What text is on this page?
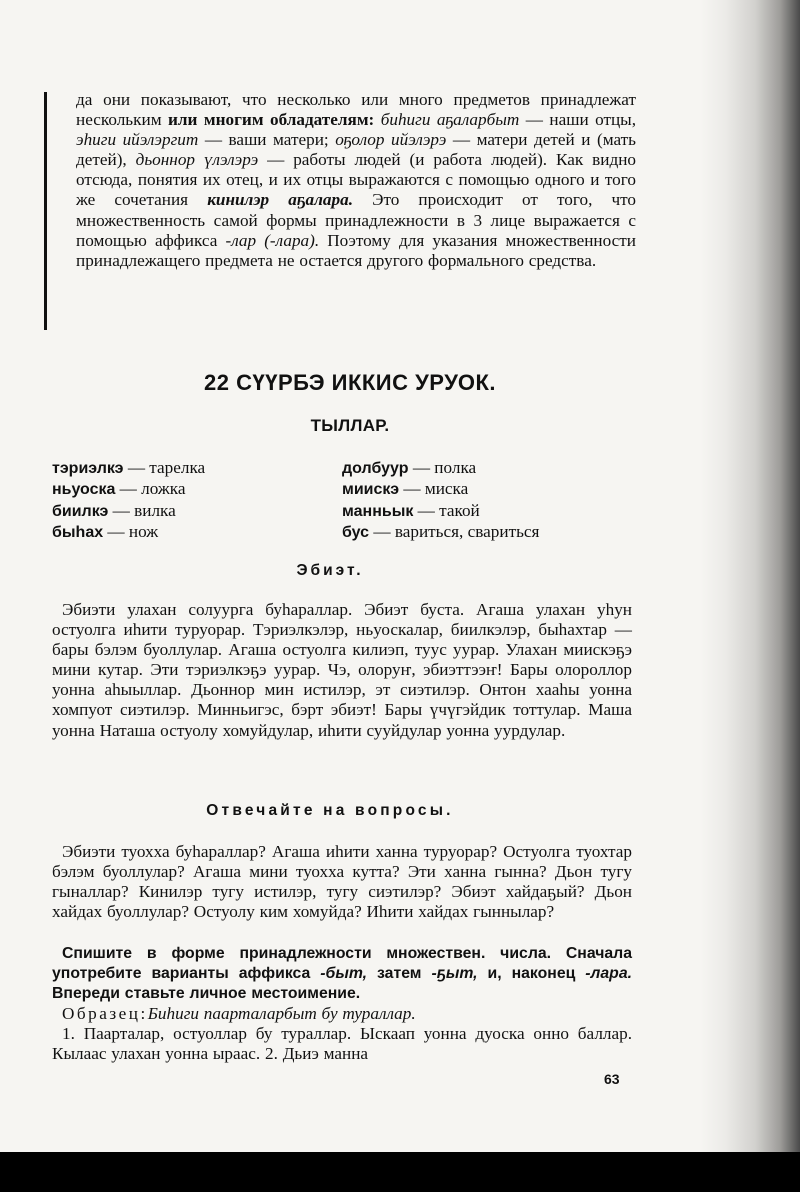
да они показывают, что несколько или много предметов принадлежат нескольким или многим обладателям: биһиги аҕаларбыт — наши отцы, эһиги ийэлэргит — ваши матери; оҕолор ийэлэрэ — матери детей и (мать детей), дьоннор үлэлэрэ — работы людей (и работа людей). Как видно отсюда, понятия их отец, и их отцы выражаются с помощью одного и того же сочетания кинилэр аҕалара. Это происходит от того, что множественность самой формы принадлежности в 3 лице выражается с помощью аффикса -лар (-лара). Поэтому для указания множественности принадлежащего предмета не остается другого формального средства.

22 СҮҮРБЭ ИККИС УРУОК.
ТЫЛЛАР.
тэриэлкэ — тарелка
ньуоска — ложка
биилкэ — вилка
быһах — нож
долбуур — полка
миискэ — миска
манньык — такой
бус — вариться, свариться
Эбиэт.

Эбиэти улахан солуурга буһараллар. Эбиэт буста. Агаша улахан уһун остуолга иһити туруорар. Тэриэлкэлэр, ньуоскалар, биилкэлэр, быһахтар — бары бэлэм буоллулар. Агаша остуолга килиэп, туус уурар. Улахан миискэҕэ мини кутар. Эти тэриэлкэҕэ уурар. Чэ, олоруҥ, эбиэттээҥ! Бары олороллор уонна аһыыллар. Дьоннор мин истилэр, эт сиэтилэр. Онтон хааһы уонна хомпуот сиэтилэр. Минньигэс, бэрт эбиэт! Бары үчүгэйдик тоттулар. Маша уонна Наташа остуолу хомуйдулар, иһити сууйдулар уонна уурдулар.

Отвечайте на вопросы.

Эбиэти туохха буһараллар? Агаша иһити ханна туруорар? Остуолга туохтар бэлэм буоллулар? Агаша мини туохха кутта? Эти ханна гынна? Дьон тугу гыналлар? Кинилэр тугу истилэр, тугу сиэтилэр? Эбиэт хайдаҕый? Дьон хайдах буоллулар? Остуолу ким хомуйда? Иһити хайдах гыннылар?

Спишите в форме принадлежности множествен. числа. Сначала употребите варианты аффикса -быт, затем -ҕыт, и, наконец -лара. Впереди ставьте личное местоимение.

Образец:Биһиги паарталарбыт бу тураллар.

1. Паарталар, остуоллар бу тураллар. Ыскаап уонна дуоска онно баллар. Кылаас улахан уонна ыраас. 2. Дьиэ манна

63
